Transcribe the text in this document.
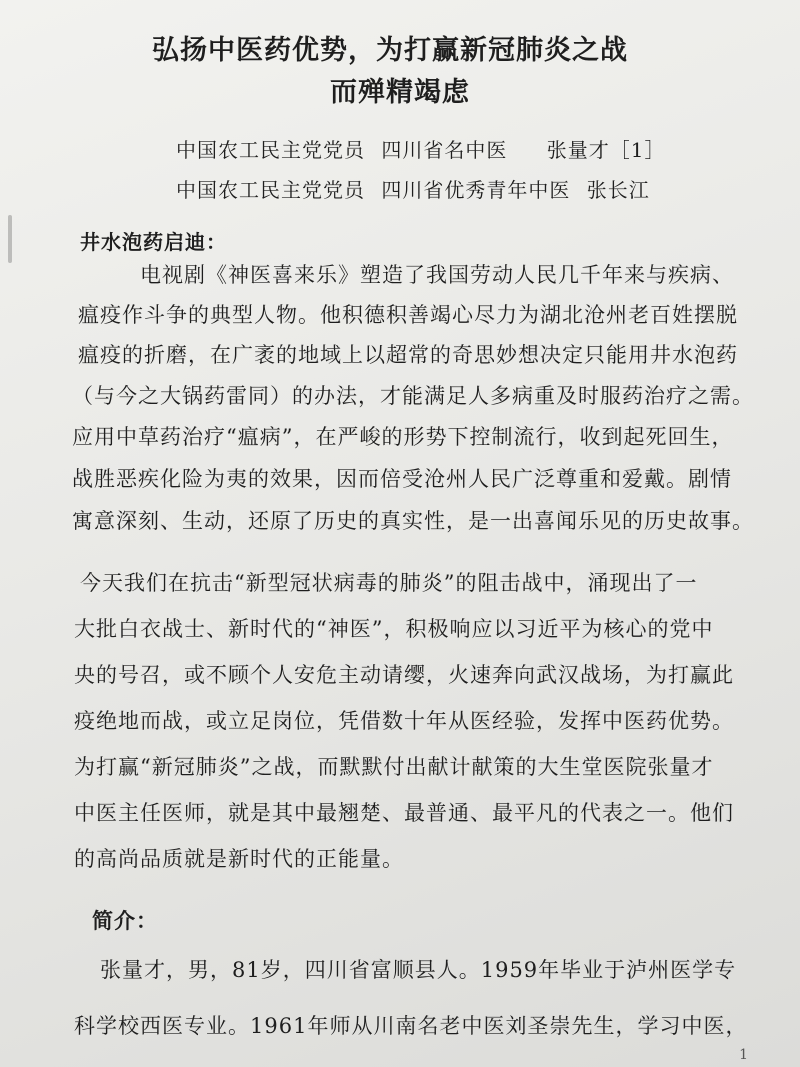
弘扬中医药优势，为打赢新冠肺炎之战
而殚精竭虑
中国农工民主党党员 四川省名中医 张量才［1］
中国农工民主党党员 四川省优秀青年中医 张长江
井水泡药启迪：
电视剧《神医喜来乐》塑造了我国劳动人民几千年来与疾病、
瘟疫作斗争的典型人物。他积德积善竭心尽力为湖北沧州老百姓摆脱
瘟疫的折磨，在广袤的地域上以超常的奇思妙想决定只能用井水泡药
（与今之大锅药雷同）的办法，才能满足人多病重及时服药治疗之需。
应用中草药治疗“瘟病”，在严峻的形势下控制流行，收到起死回生，
战胜恶疾化险为夷的效果，因而倍受沧州人民广泛尊重和爱戴。剧情
寓意深刻、生动，还原了历史的真实性，是一出喜闻乐见的历史故事。
今天我们在抗击“新型冠状病毒的肺炎”的阻击战中，涌现出了一
大批白衣战士、新时代的“神医”，积极响应以习近平为核心的党中
央的号召，或不顾个人安危主动请缨，火速奔向武汉战场，为打赢此
疫绝地而战，或立足岗位，凭借数十年从医经验，发挥中医药优势。
为打赢“新冠肺炎”之战，而默默付出献计献策的大生堂医院张量才
中医主任医师，就是其中最翘楚、最普通、最平凡的代表之一。他们
的高尚品质就是新时代的正能量。
简介：
张量才，男，81岁，四川省富顺县人。1959年毕业于泸州医学专
科学校西医专业。1961年师从川南名老中医刘圣崇先生，学习中医，
1
